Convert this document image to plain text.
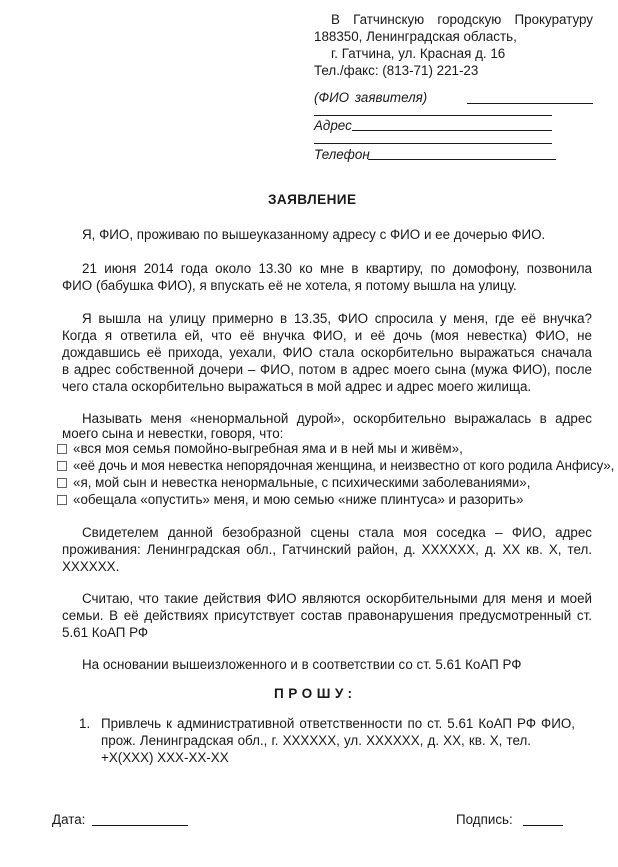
В Гатчинскую городскую Прокуратуру
188350, Ленинградская область,
г. Гатчина, ул. Красная д. 16
Тел./факс: (813-71) 221-23
(ФИО заявителя)
Адрес
Телефон
ЗАЯВЛЕНИЕ
Я, ФИО, проживаю по вышеуказанному адресу с ФИО и ее дочерью ФИО.
21 июня 2014 года около 13.30 ко мне в квартиру, по домофону, позвонила
ФИО (бабушка ФИО), я впускать её не хотела, я потому вышла на улицу.
Я вышла на улицу примерно в 13.35, ФИО спросила у меня, где её внучка?
Когда я ответила ей, что её внучка ФИО, и её дочь (моя невестка) ФИО, не
дождавшись её прихода, уехали, ФИО стала оскорбительно выражаться сначала
в адрес собственной дочери – ФИО, потом в адрес моего сына (мужа ФИО), после
чего стала оскорбительно выражаться в мой адрес и адрес моего жилища.
Называть меня «ненормальной дурой», оскорбительно выражалась в адрес
моего сына и невестки, говоря, что:
«вся моя семья помойно-выгребная яма и в ней мы и живём»,
«её дочь и моя невестка непорядочная женщина, и неизвестно от кого родила Анфису»,
«я, мой сын и невестка ненормальные, с психическими заболеваниями»,
«обещала «опустить» меня, и мою семью «ниже плинтуса» и разорить»
Свидетелем данной безобразной сцены стала моя соседка – ФИО, адрес
проживания: Ленинградская обл., Гатчинский район, д. ХХХХХХ, д. ХХ кв. Х, тел.
ХХХХХХ.
Считаю, что такие действия ФИО являются оскорбительными для меня и моей
семьи. В её действиях присутствует состав правонарушения предусмотренный ст.
5.61 КоАП РФ
На основании вышеизложенного и в соответствии со ст. 5.61 КоАП РФ
ПРОШУ:
1. Привлечь к административной ответственности по ст. 5.61 КоАП РФ ФИО,
прож. Ленинградская обл., г. ХХХХХХ, ул. ХХХХХХ, д. ХХ, кв. Х, тел.
+Х(ХХХ) ХХХ-ХХ-ХХ
Дата:	Подпись:
